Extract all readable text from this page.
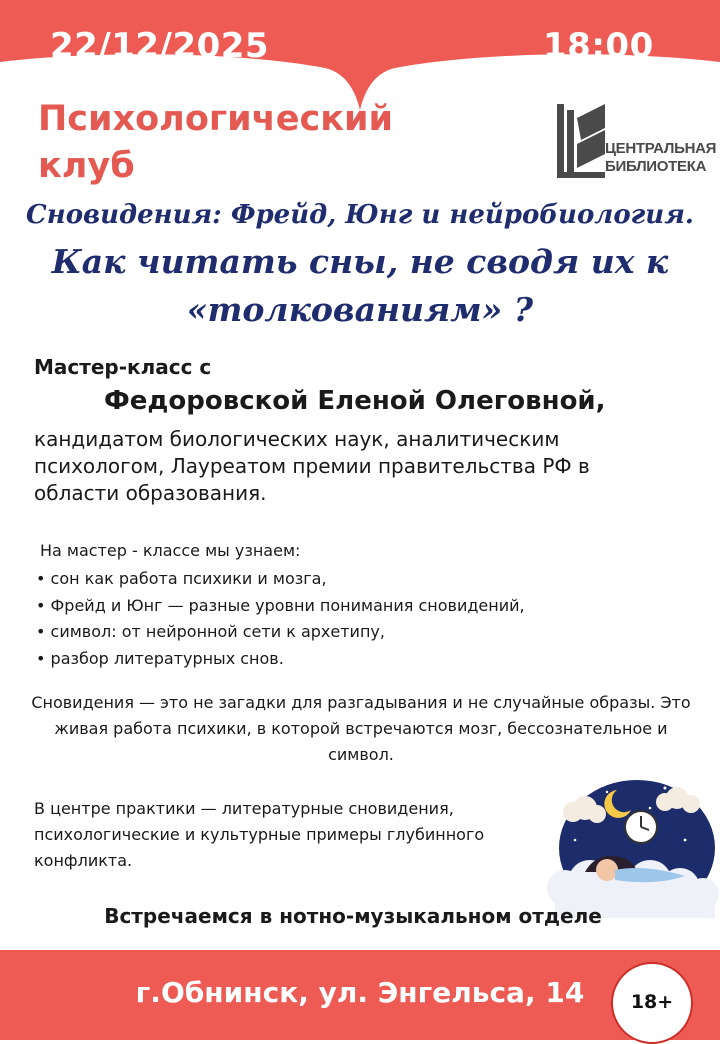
22/12/2025	18:00
Психологический клуб	ЦЕНТРАЛЬНАЯ
БИБЛИОТЕКА
Сновидения: Фрейд, Юнг и нейробиология.
Как читать сны, не сводя их к
«толкованиям» ?
Мастер-класс с
Федоровской Еленой Олеговной,
кандидатом биологических наук, аналитическим психологом, Лауреатом премии правительства РФ в области образования.
На мастер - классе мы узнаем:
• сон как работа психики и мозга,
• Фрейд и Юнг — разные уровни понимания сновидений,
• символ: от нейронной сети к архетипу,
• разбор литературных снов.
Сновидения — это не загадки для разгадывания и не случайные образы. Это живая работа психики, в которой встречаются мозг, бессознательное и символ.
В центре практики — литературные сновидения, психологические и культурные примеры глубинного конфликта.
Встречаемся в нотно-музыкальном отделе
г.Обнинск, ул. Энгельса, 14	18+
